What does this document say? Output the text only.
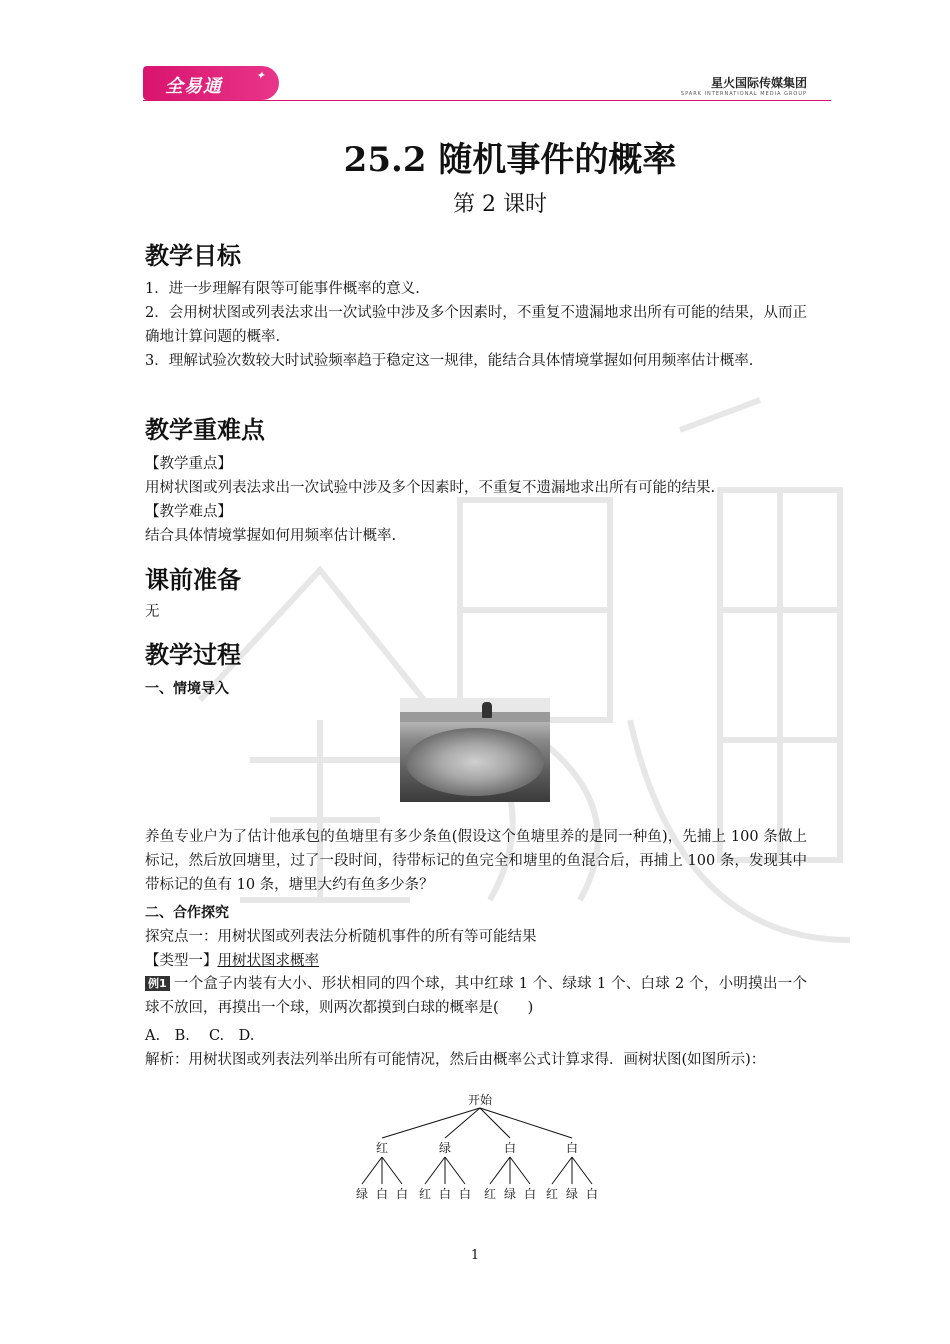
全易通
✦
星火国际传媒集团
SPARK INTERNATIONAL MEDIA GROUP
25.2 随机事件的概率
第 2 课时
教学目标
1．进一步理解有限等可能事件概率的意义.
2．会用树状图或列表法求出一次试验中涉及多个因素时，不重复不遗漏地求出所有可能的结果，从而正确地计算问题的概率.
3．理解试验次数较大时试验频率趋于稳定这一规律，能结合具体情境掌握如何用频率估计概率.
教学重难点
【教学重点】
用树状图或列表法求出一次试验中涉及多个因素时，不重复不遗漏地求出所有可能的结果.
【教学难点】
结合具体情境掌握如何用频率估计概率.
课前准备
无
教学过程
一、情境导入
养鱼专业户为了估计他承包的鱼塘里有多少条鱼(假设这个鱼塘里养的是同一种鱼)，先捕上 100 条做上标记，然后放回塘里，过了一段时间，待带标记的鱼完全和塘里的鱼混合后，再捕上 100 条，发现其中带标记的鱼有 10 条，塘里大约有鱼多少条？
二、合作探究
探究点一：用树状图或列表法分析随机事件的所有等可能结果
【类型一】用树状图求概率
例1 一个盒子内装有大小、形状相同的四个球，其中红球 1 个、绿球 1 个、白球 2 个，小明摸出一个球不放回，再摸出一个球，则两次都摸到白球的概率是(　　)
A.　B.　 C.　D.
解析：用树状图或列表法列举出所有可能情况，然后由概率公式计算求得．画树状图(如图所示)：
开始
红
绿 白 白
绿
红 白 白
白
红 绿 白
白
红 绿 白
1
